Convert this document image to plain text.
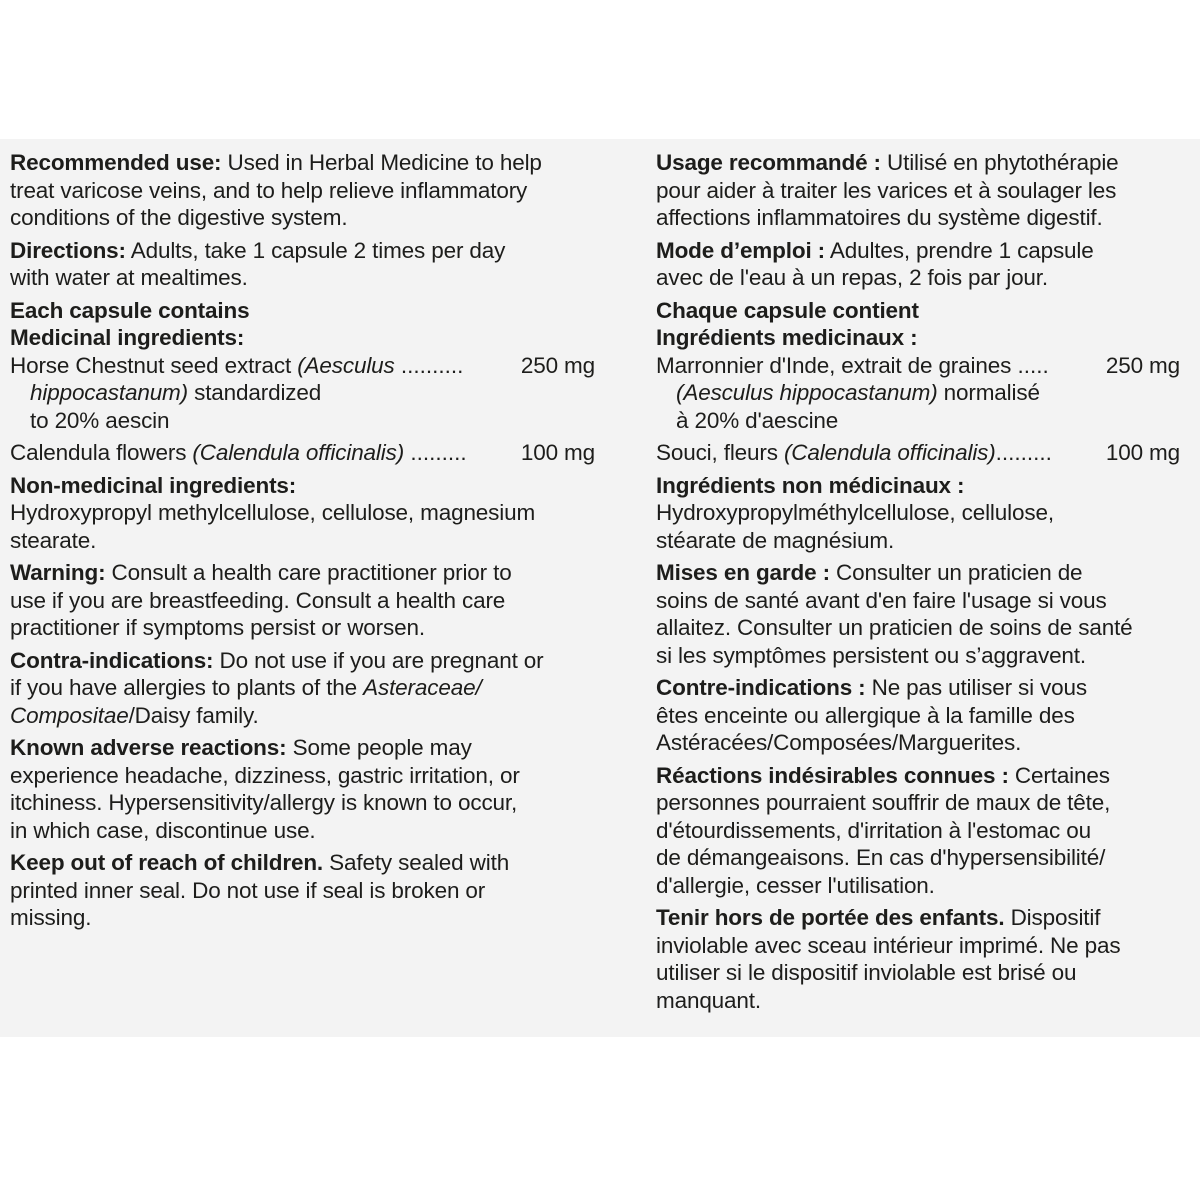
Recommended use: Used in Herbal Medicine to help
treat varicose veins, and to help relieve inflammatory
conditions of the digestive system.
Directions: Adults, take 1 capsule 2 times per day
with water at mealtimes.
Each capsule contains
Medicinal ingredients:
Horse Chestnut seed extract (Aesculus ..........	250 mg

hippocastanum) standardized
to 20% aescin
Calendula flowers (Calendula officinalis) ......... 100 mg
Non-medicinal ingredients:
Hydroxypropyl methylcellulose, cellulose, magnesium
stearate.
Warning: Consult a health care practitioner prior to
use if you are breastfeeding. Consult a health care
practitioner if symptoms persist or worsen.
Contra-indications: Do not use if you are pregnant or
if you have allergies to plants of the Asteraceae/
Compositae/Daisy family.
Known adverse reactions: Some people may
experience headache, dizziness, gastric irritation, or
itchiness. Hypersensitivity/allergy is known to occur,
in which case, discontinue use.
Keep out of reach of children. Safety sealed with
printed inner seal. Do not use if seal is broken or
missing.
Usage recommandé : Utilisé en phytothérapie
pour aider à traiter les varices et à soulager les
affections inflammatoires du système digestif.
Mode d’emploi : Adultes, prendre 1 capsule
avec de l'eau à un repas, 2 fois par jour.
Chaque capsule contient
Ingrédients medicinaux :
Marronnier d'Inde, extrait de graines .....	250 mg

(Aesculus hippocastanum) normalisé
à 20% d'aescine
Souci, fleurs (Calendula officinalis)......... 100 mg
Ingrédients non médicinaux :
Hydroxypropylméthylcellulose, cellulose,
stéarate de magnésium.
Mises en garde : Consulter un praticien de
soins de santé avant d'en faire l'usage si vous
allaitez. Consulter un praticien de soins de santé
si les symptômes persistent ou s’aggravent.
Contre-indications : Ne pas utiliser si vous
êtes enceinte ou allergique à la famille des
Astéracées/Composées/Marguerites.
Réactions indésirables connues : Certaines
personnes pourraient souffrir de maux de tête,
d'étourdissements, d'irritation à l'estomac ou
de démangeaisons. En cas d'hypersensibilité/
d'allergie, cesser l'utilisation.
Tenir hors de portée des enfants. Dispositif
inviolable avec sceau intérieur imprimé. Ne pas
utiliser si le dispositif inviolable est brisé ou
manquant.
